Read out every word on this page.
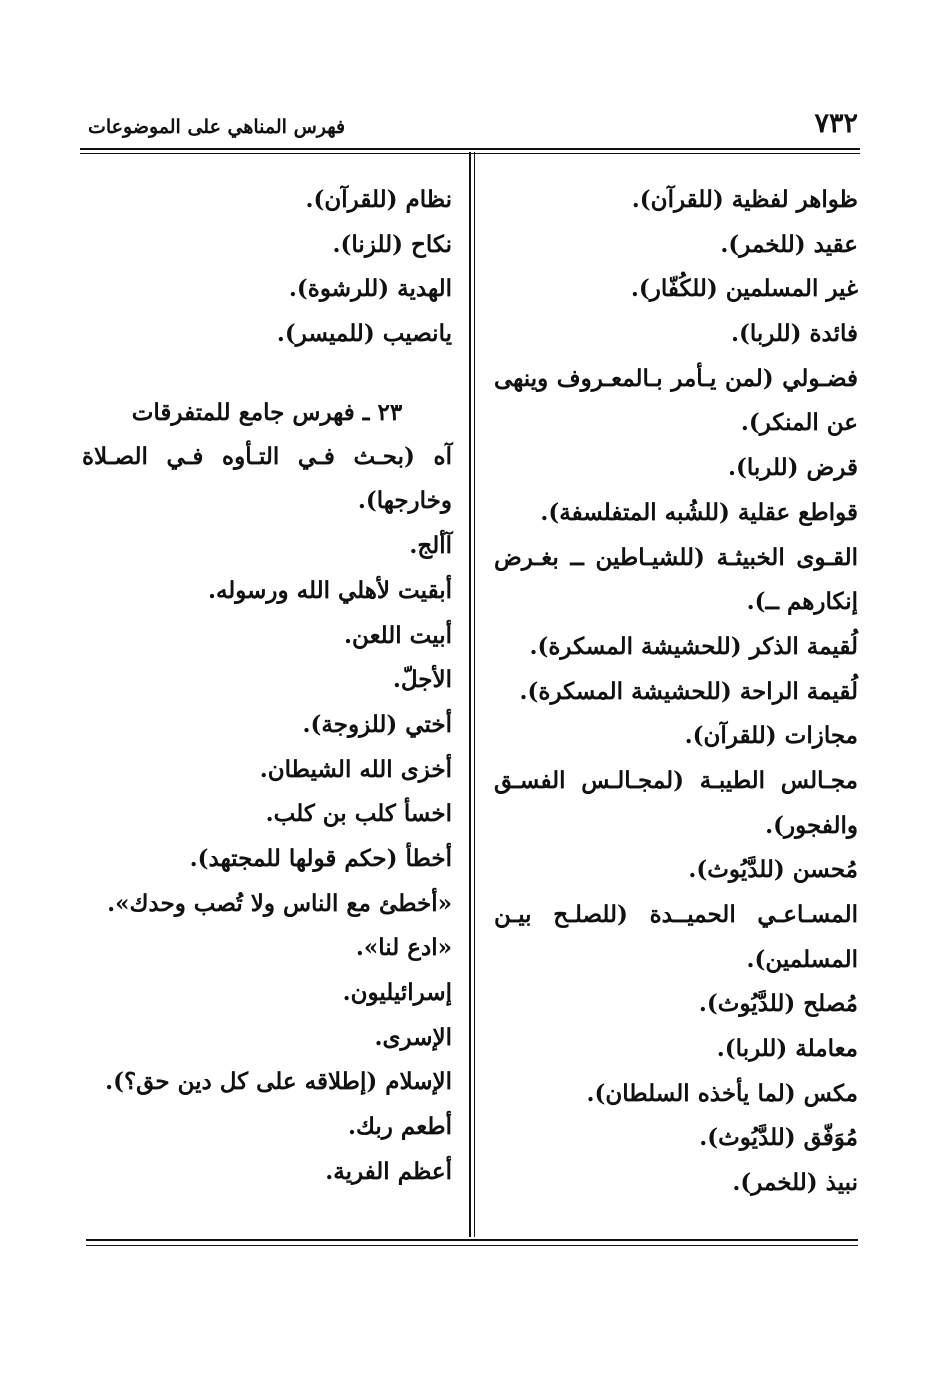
٧٣٢
فهرس المناهي على الموضوعات
ظواهر لفظية (للقرآن).
عقيد (للخمر).
غير المسلمين (للكُفّار).
فائدة (للربا).
فضـولي (لمن يـأمر بـالمعـروف وينهى
عن المنكر).
قرض (للربا).
قواطع عقلية (للشُبه المتفلسفة).
القـوى الخبيثـة (للشيـاطين ــ بغـرض
إنكارهم ــ).
لُقيمة الذكر (للحشيشة المسكرة).
لُقيمة الراحة (للحشيشة المسكرة).
مجازات (للقرآن).
مجـالس الطيبـة (لمجـالـس الفسـق
والفجور).
مُحسن (للدَّيُوث).
المسـاعـي الحميــدة (للصلـح بيـن
المسلمين).
مُصلح (للدَّيُوث).
معاملة (للربا).
مكس (لما يأخذه السلطان).
مُوَفّق (للدَّيُوث).
نبيذ (للخمر).
نظام (للقرآن).
نكاح (للزنا).
الهدية (للرشوة).
يانصيب (للميسر).
٢٣ ـ فهرس جامع للمتفرقات
آه (بحـث فـي التـأوه فـي الصـلاة
وخارجها).
آألج.
أبقيت لأهلي الله ورسوله.
أبيت اللعن.
الأجلّ.
أختي (للزوجة).
أخزى الله الشيطان.
اخسأ كلب بن كلب.
أخطأ (حكم قولها للمجتهد).
«أخطئ مع الناس ولا تُصب وحدك».
«ادع لنا».
إسرائيليون.
الإسرى.
الإسلام (إطلاقه على كل دين حق؟).
أطعم ربك.
أعظم الفرية.
